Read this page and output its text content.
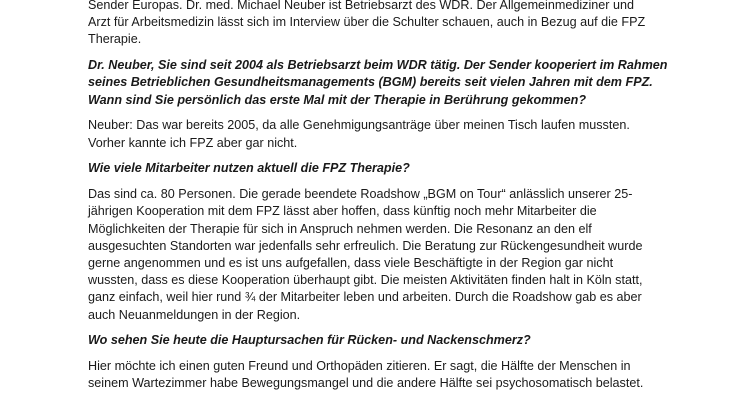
Sender Europas. Dr. med. Michael Neuber ist Betriebsarzt des WDR. Der Allgemeinmediziner und
Arzt für Arbeitsmedizin lässt sich im Interview über die Schulter schauen, auch in Bezug auf die FPZ
Therapie.

Dr. Neuber, Sie sind seit 2004 als Betriebsarzt beim WDR tätig. Der Sender kooperiert im Rahmen
seines Betrieblichen Gesundheitsmanagements (BGM) bereits seit vielen Jahren mit dem FPZ.
Wann sind Sie persönlich das erste Mal mit der Therapie in Berührung gekommen?

Neuber: Das war bereits 2005, da alle Genehmigungsanträge über meinen Tisch laufen mussten.
Vorher kannte ich FPZ aber gar nicht.

Wie viele Mitarbeiter nutzen aktuell die FPZ Therapie?

Das sind ca. 80 Personen. Die gerade beendete Roadshow „BGM on Tour“ anlässlich unserer 25-
jährigen Kooperation mit dem FPZ lässt aber hoffen, dass künftig noch mehr Mitarbeiter die
Möglichkeiten der Therapie für sich in Anspruch nehmen werden. Die Resonanz an den elf
ausgesuchten Standorten war jedenfalls sehr erfreulich. Die Beratung zur Rückengesundheit wurde
gerne angenommen und es ist uns aufgefallen, dass viele Beschäftigte in der Region gar nicht
wussten, dass es diese Kooperation überhaupt gibt. Die meisten Aktivitäten finden halt in Köln statt,
ganz einfach, weil hier rund ¾ der Mitarbeiter leben und arbeiten. Durch die Roadshow gab es aber
auch Neuanmeldungen in der Region.

Wo sehen Sie heute die Hauptursachen für Rücken- und Nackenschmerz?

Hier möchte ich einen guten Freund und Orthopäden zitieren. Er sagt, die Hälfte der Menschen in
seinem Wartezimmer habe Bewegungsmangel und die andere Hälfte sei psychosomatisch belastet.
